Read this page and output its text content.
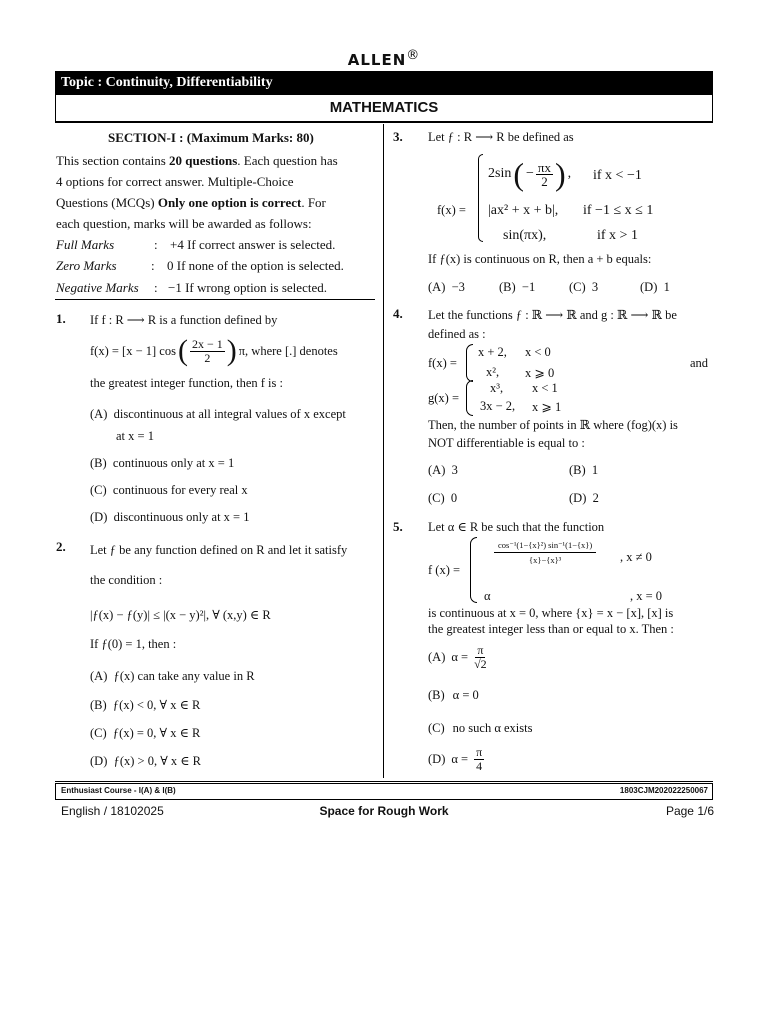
ALLEN®
Topic : Continuity, Differentiability
MATHEMATICS
SECTION-I : (Maximum Marks: 80)
This section contains 20 questions. Each question has
4 options for correct answer. Multiple-Choice
Questions (MCQs) Only one option is correct. For
each question, marks will be awarded as follows:
Full Marks	: +4 If correct answer is selected.
Zero Marks	: 0 If none of the option is selected.
Negative Marks : −1 If wrong option is selected.
1. If f : R ⟶ R is a function defined by
f(x) = [x − 1] cos ( $\frac{2x - 1}{2}$ ) π, where [.] denotes
the greatest integer function, then f is :
(A) discontinuous at all integral values of x except
at x = 1
(B) continuous only at x = 1
(C) continuous for every real x
(D) discontinuous only at x = 1
2. Let ƒ be any function defined on R and let it satisfy
the condition :
|ƒ(x) − ƒ(y)| ≤ |(x − y)²|, ∀ (x,y) ∈ R
If ƒ(0) = 1, then :
(A) ƒ(x) can take any value in R
(B) ƒ(x) < 0, ∀ x ∈ R
(C) ƒ(x) = 0, ∀ x ∈ R
(D) ƒ(x) > 0, ∀ x ∈ R
3. Let ƒ : R ⟶ R be defined as
f(x) =
2sin ( − $\frac{\pi x}{2}$ ) , if x < −1
|ax² + x + b|, if −1 ≤ x ≤ 1
sin(πx),	if x > 1
If ƒ(x) is continuous on R, then a + b equals:
(A) −3	(B) −1	(C) 3	(D) 1
4. Let the functions ƒ : ℝ ⟶ ℝ and g : ℝ ⟶ ℝ be
defined as :
f(x) =
x + 2, x < 0
x², x ⩾ 0
and
g(x) =
x³, x < 1
3x − 2, x ⩾ 1
Then, the number of points in ℝ where (fog)(x) is
NOT differentiable is equal to :
(A) 3	(B) 1
(C) 0	(D) 2
5. Let α ∈ R be such that the function
f (x) =
$\frac{\text{cos⁻¹(1−\{x\}²) sin⁻¹(1−\{x\})}}{\text{\{x\}−\{x\}³}}$ , x ≠ 0
α	, x = 0
is continuous at x = 0, where {x} = x − [x], [x] is
the greatest integer less than or equal to x. Then :
(A) $\alpha = \frac{\pi}{√2}$
(B) α = 0
(C) no such α exists
(D) $\alpha = \frac{\pi}{4}$
Enthusiast Course - I(A) & I(B)	1803CJM202022250067
English / 18102025	Space for Rough Work	Page 1/6
